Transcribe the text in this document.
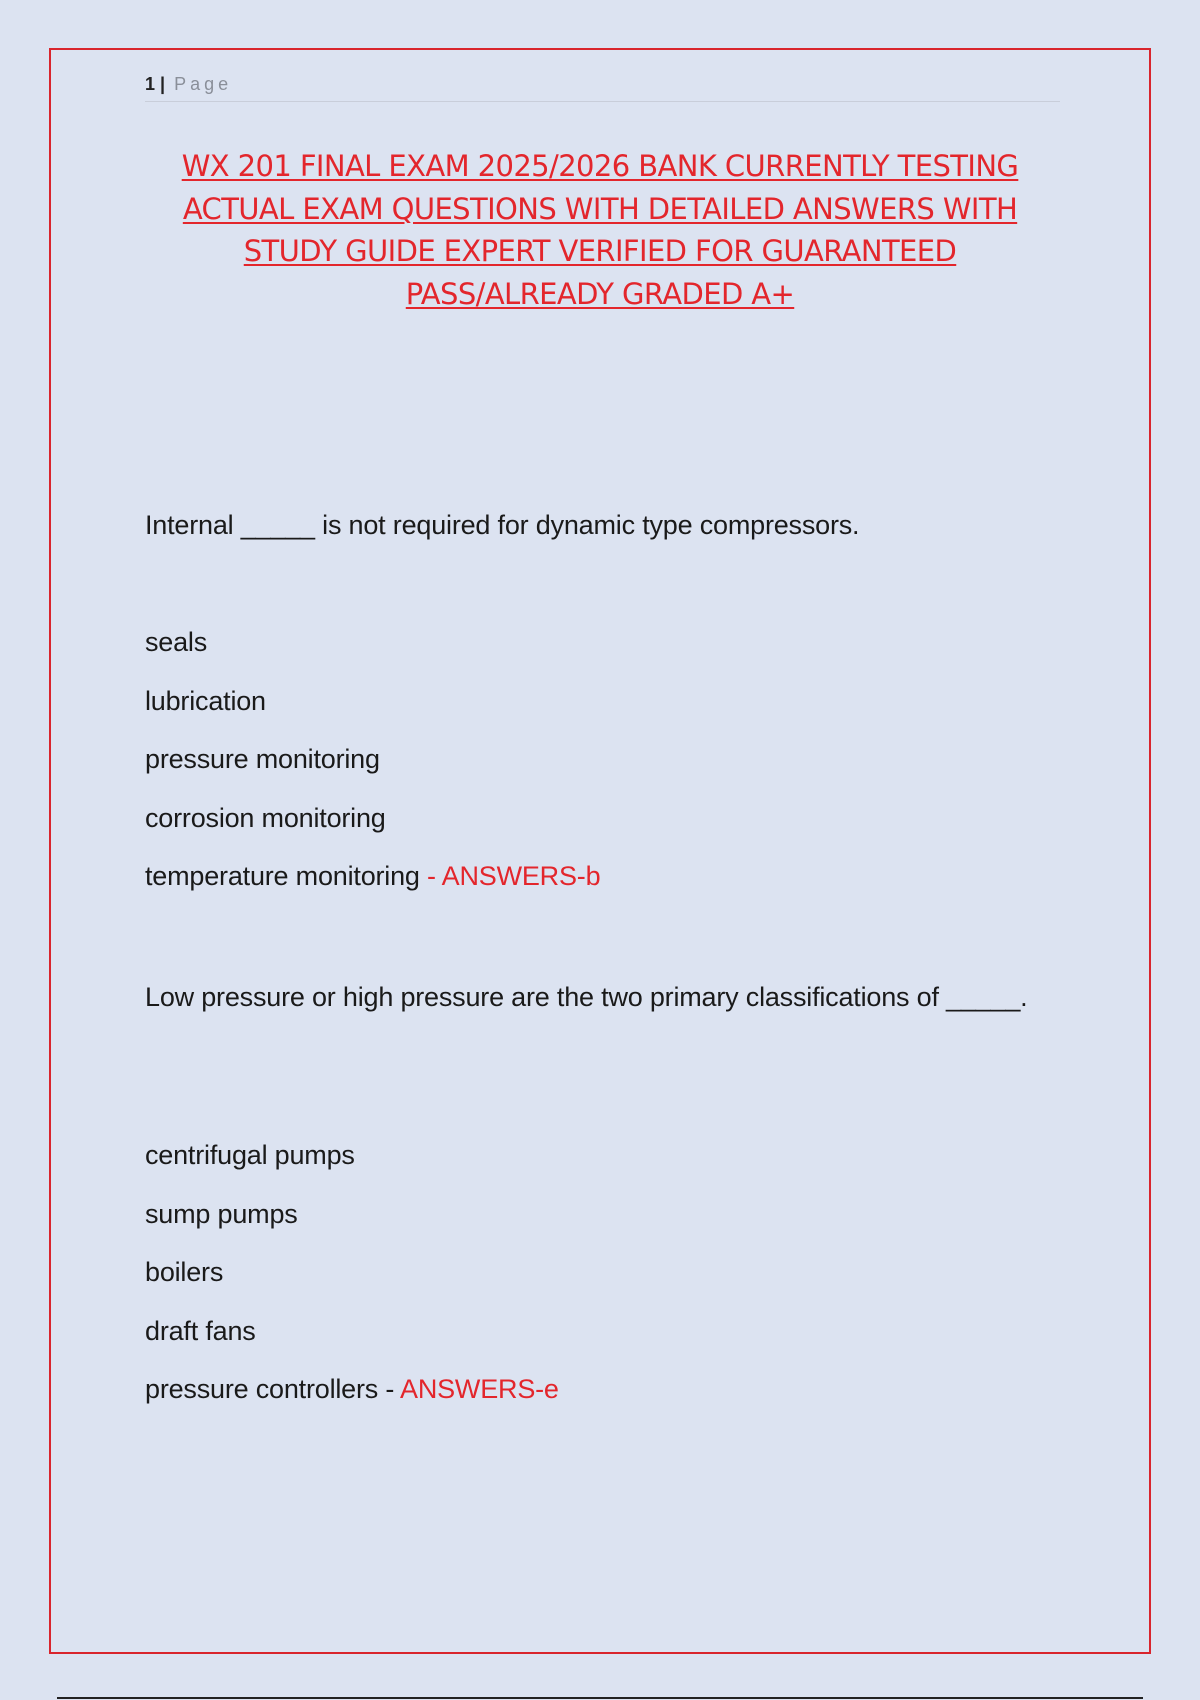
1 | Page
WX 201 FINAL EXAM 2025/2026 BANK CURRENTLY TESTING ACTUAL EXAM QUESTIONS WITH DETAILED ANSWERS WITH STUDY GUIDE EXPERT VERIFIED FOR GUARANTEED PASS/ALREADY GRADED A+
Internal _____ is not required for dynamic type compressors.
seals
lubrication
pressure monitoring
corrosion monitoring
temperature monitoring - ANSWERS-b
Low pressure or high pressure are the two primary classifications of _____.
centrifugal pumps
sump pumps
boilers
draft fans
pressure controllers - ANSWERS-e
